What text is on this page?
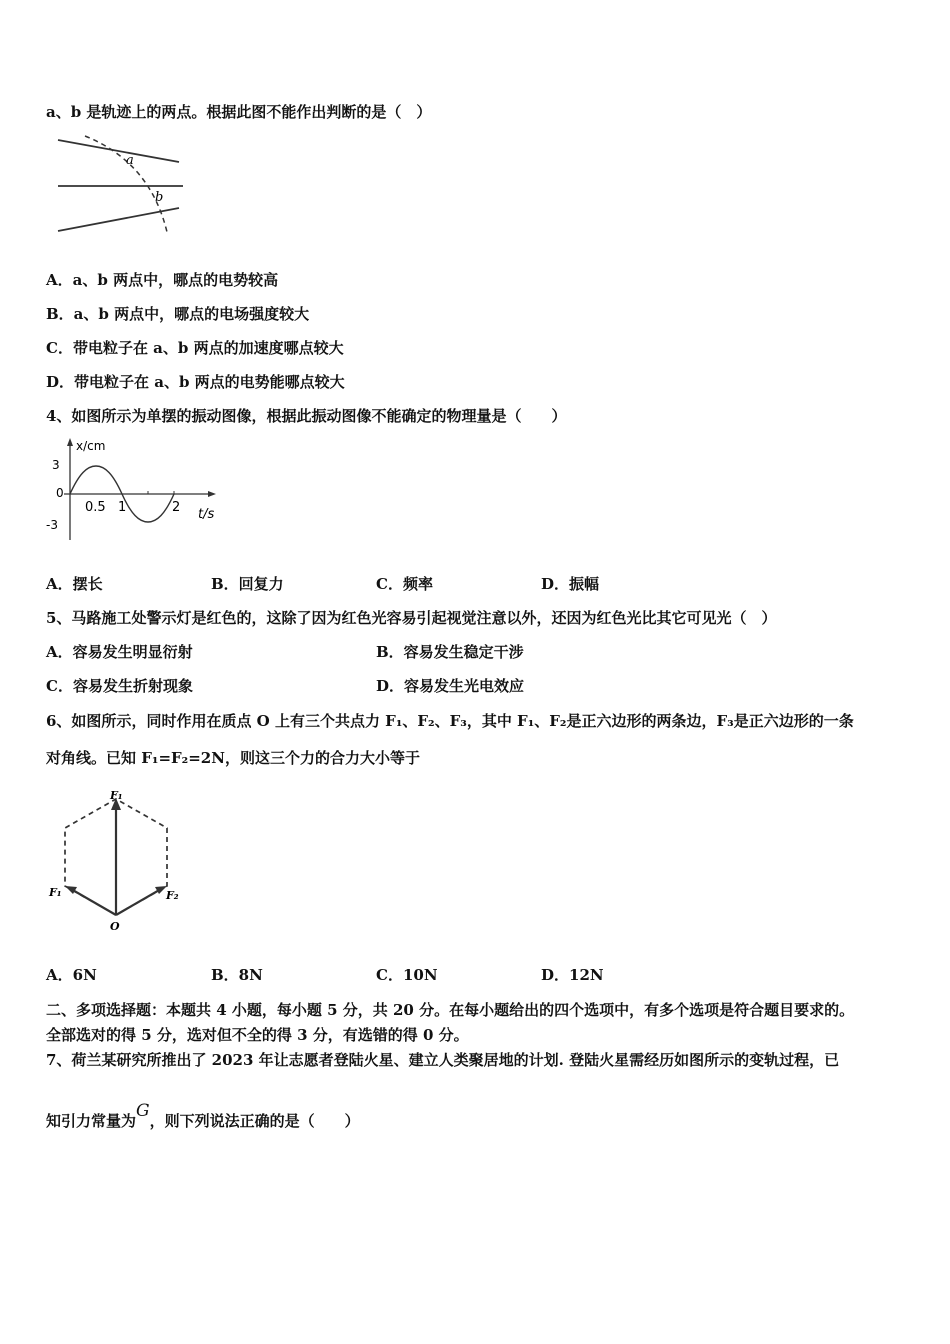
a、b 是轨迹上的两点。根据此图不能作出判断的是（　）
a
b
A．a、b 两点中，哪点的电势较高
B．a、b 两点中，哪点的电场强度较大
C．带电粒子在 a、b 两点的加速度哪点较大
D．带电粒子在 a、b 两点的电势能哪点较大
4、如图所示为单摆的振动图像，根据此振动图像不能确定的物理量是（　　）
x/cm
3
0
-3
0.5 1	2 t/s
A．摆长	B．回复力	C．频率	D．振幅
5、马路施工处警示灯是红色的，这除了因为红色光容易引起视觉注意以外，还因为红色光比其它可见光（　）
A．容易发生明显衍射	B．容易发生稳定干涉
C．容易发生折射现象	D．容易发生光电效应
6、如图所示，同时作用在质点 O 上有三个共点力 F₁、F₂、F₃，其中 F₁、F₂是正六边形的两条边，F₃是正六边形的一条
对角线。已知 F₁=F₂=2N，则这三个力的合力大小等于
F₁
F₁	F₂
O
A．6N	B．8N	C．10N	D．12N
二、多项选择题：本题共 4 小题，每小题 5 分，共 20 分。在每小题给出的四个选项中，有多个选项是符合题目要求的。
全部选对的得 5 分，选对但不全的得 3 分，有选错的得 0 分。
7、荷兰某研究所推出了 2023 年让志愿者登陆火星、建立人类聚居地的计划. 登陆火星需经历如图所示的变轨过程，已
知引力常量为G，则下列说法正确的是（　　）
